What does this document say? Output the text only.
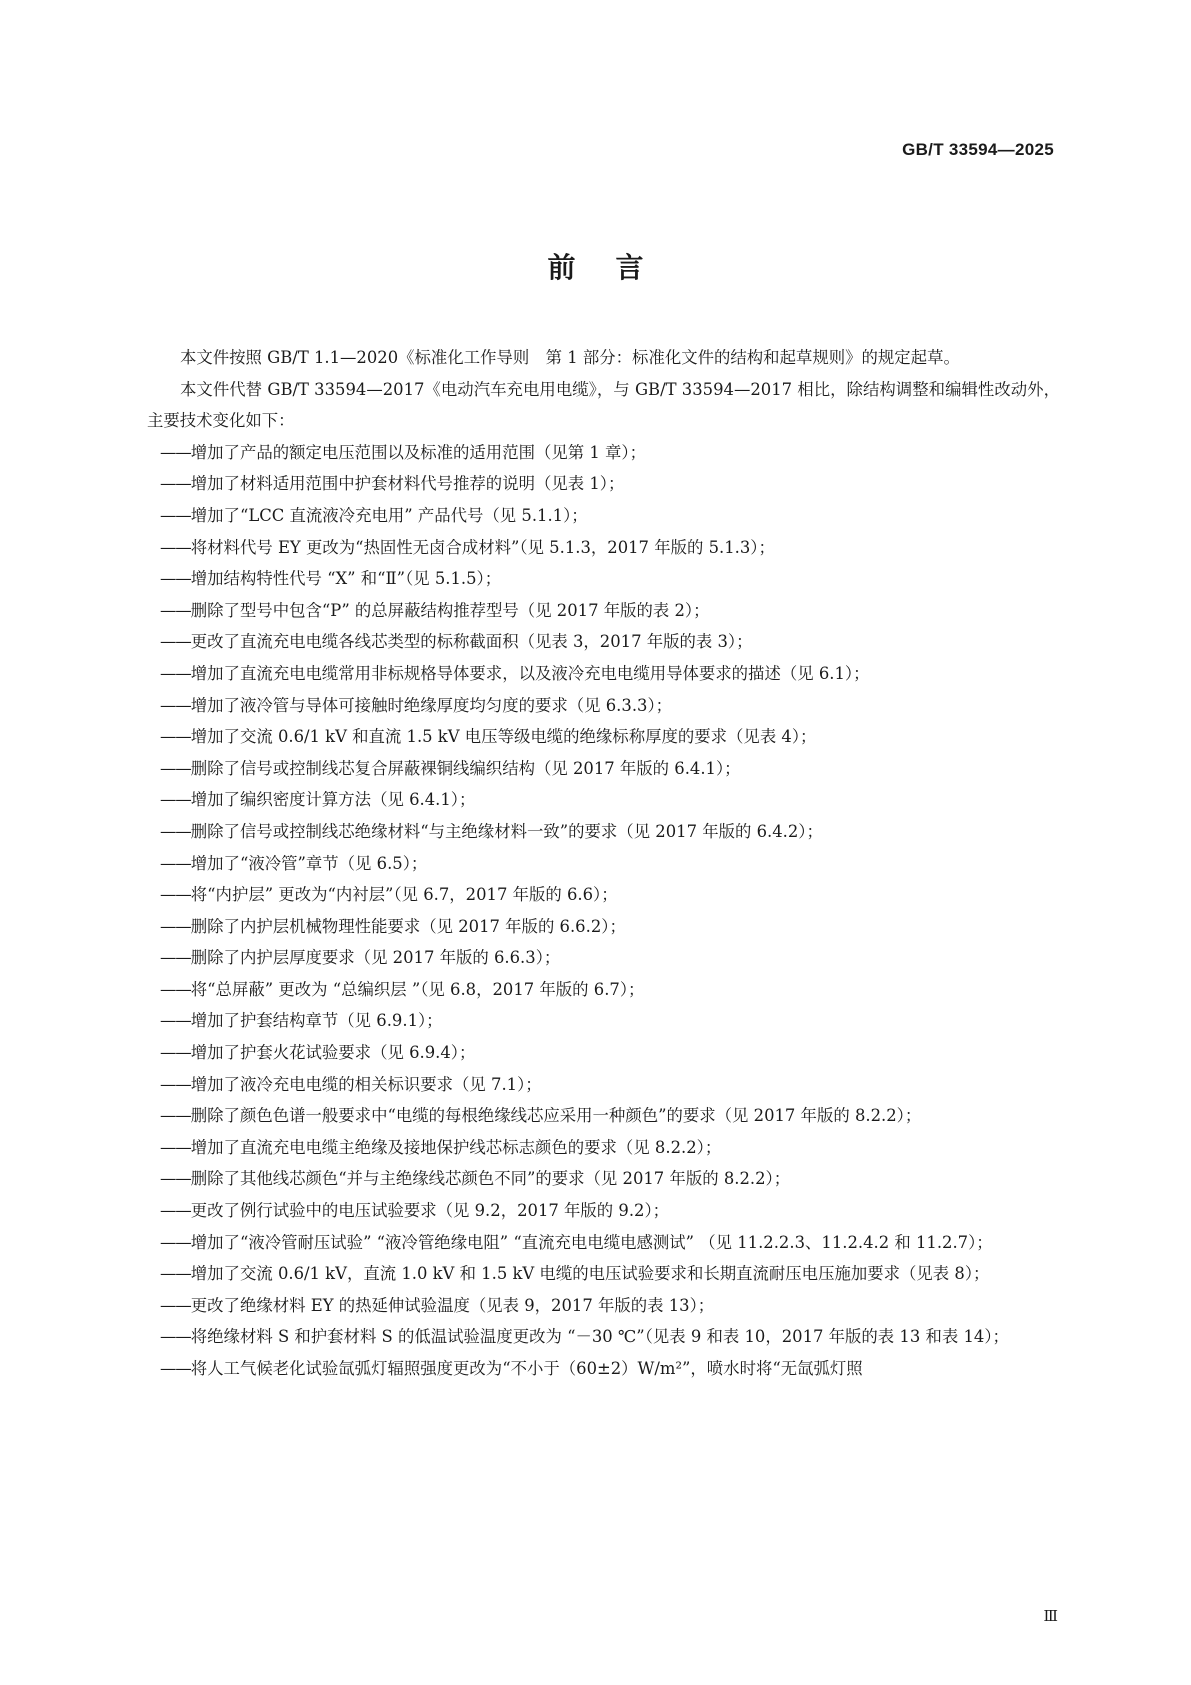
GB/T 33594—2025
前言

本文件按照 GB/T 1.1—2020《标准化工作导则　第 1 部分：标准化文件的结构和起草规则》的规定起草。

本文件代替 GB/T 33594—2017《电动汽车充电用电缆》，与 GB/T 33594—2017 相比，除结构调整和编辑性改动外，主要技术变化如下：

——增加了产品的额定电压范围以及标准的适用范围（见第 1 章）；
——增加了材料适用范围中护套材料代号推荐的说明（见表 1）；
——增加了“LCC 直流液冷充电用” 产品代号（见 5.1.1）；
——将材料代号 EY 更改为“热固性无卤合成材料”（见 5.1.3，2017 年版的 5.1.3）；
——增加结构特性代号 “Ⅹ” 和“Ⅱ”（见 5.1.5）；
——删除了型号中包含“P” 的总屏蔽结构推荐型号（见 2017 年版的表 2）；
——更改了直流充电电缆各线芯类型的标称截面积（见表 3，2017 年版的表 3）；
——增加了直流充电电缆常用非标规格导体要求，以及液冷充电电缆用导体要求的描述（见 6.1）；
——增加了液冷管与导体可接触时绝缘厚度均匀度的要求（见 6.3.3）；
——增加了交流 0.6/1 kV 和直流 1.5 kV 电压等级电缆的绝缘标称厚度的要求（见表 4）；
——删除了信号或控制线芯复合屏蔽裸铜线编织结构（见 2017 年版的 6.4.1）；
——增加了编织密度计算方法（见 6.4.1）；
——删除了信号或控制线芯绝缘材料“与主绝缘材料一致”的要求（见 2017 年版的 6.4.2）；
——增加了“液冷管”章节（见 6.5）；
——将“内护层” 更改为“内衬层”（见 6.7，2017 年版的 6.6）；
——删除了内护层机械物理性能要求（见 2017 年版的 6.6.2）；
——删除了内护层厚度要求（见 2017 年版的 6.6.3）；
——将“总屏蔽” 更改为 “总编织层 ”（见 6.8，2017 年版的 6.7）；
——增加了护套结构章节（见 6.9.1）；
——增加了护套火花试验要求（见 6.9.4）；
——增加了液冷充电电缆的相关标识要求（见 7.1）；
——删除了颜色色谱一般要求中“电缆的每根绝缘线芯应采用一种颜色”的要求（见 2017 年版的 8.2.2）；
——增加了直流充电电缆主绝缘及接地保护线芯标志颜色的要求（见 8.2.2）；
——删除了其他线芯颜色“并与主绝缘线芯颜色不同”的要求（见 2017 年版的 8.2.2）；
——更改了例行试验中的电压试验要求（见 9.2，2017 年版的 9.2）；
——增加了“液冷管耐压试验” “液冷管绝缘电阻” “直流充电电缆电感测试” （见 11.2.2.3、11.2.4.2 和 11.2.7）；
——增加了交流 0.6/1 kV，直流 1.0 kV 和 1.5 kV 电缆的电压试验要求和长期直流耐压电压施加要求（见表 8）；
——更改了绝缘材料 EY 的热延伸试验温度（见表 9，2017 年版的表 13）；
——将绝缘材料 S 和护套材料 S 的低温试验温度更改为 “－30 ℃”（见表 9 和表 10，2017 年版的表 13 和表 14）；
——将人工气候老化试验氙弧灯辐照强度更改为“不小于（60±2）W/m²”，喷水时将“无氙弧灯照
Ⅲ
